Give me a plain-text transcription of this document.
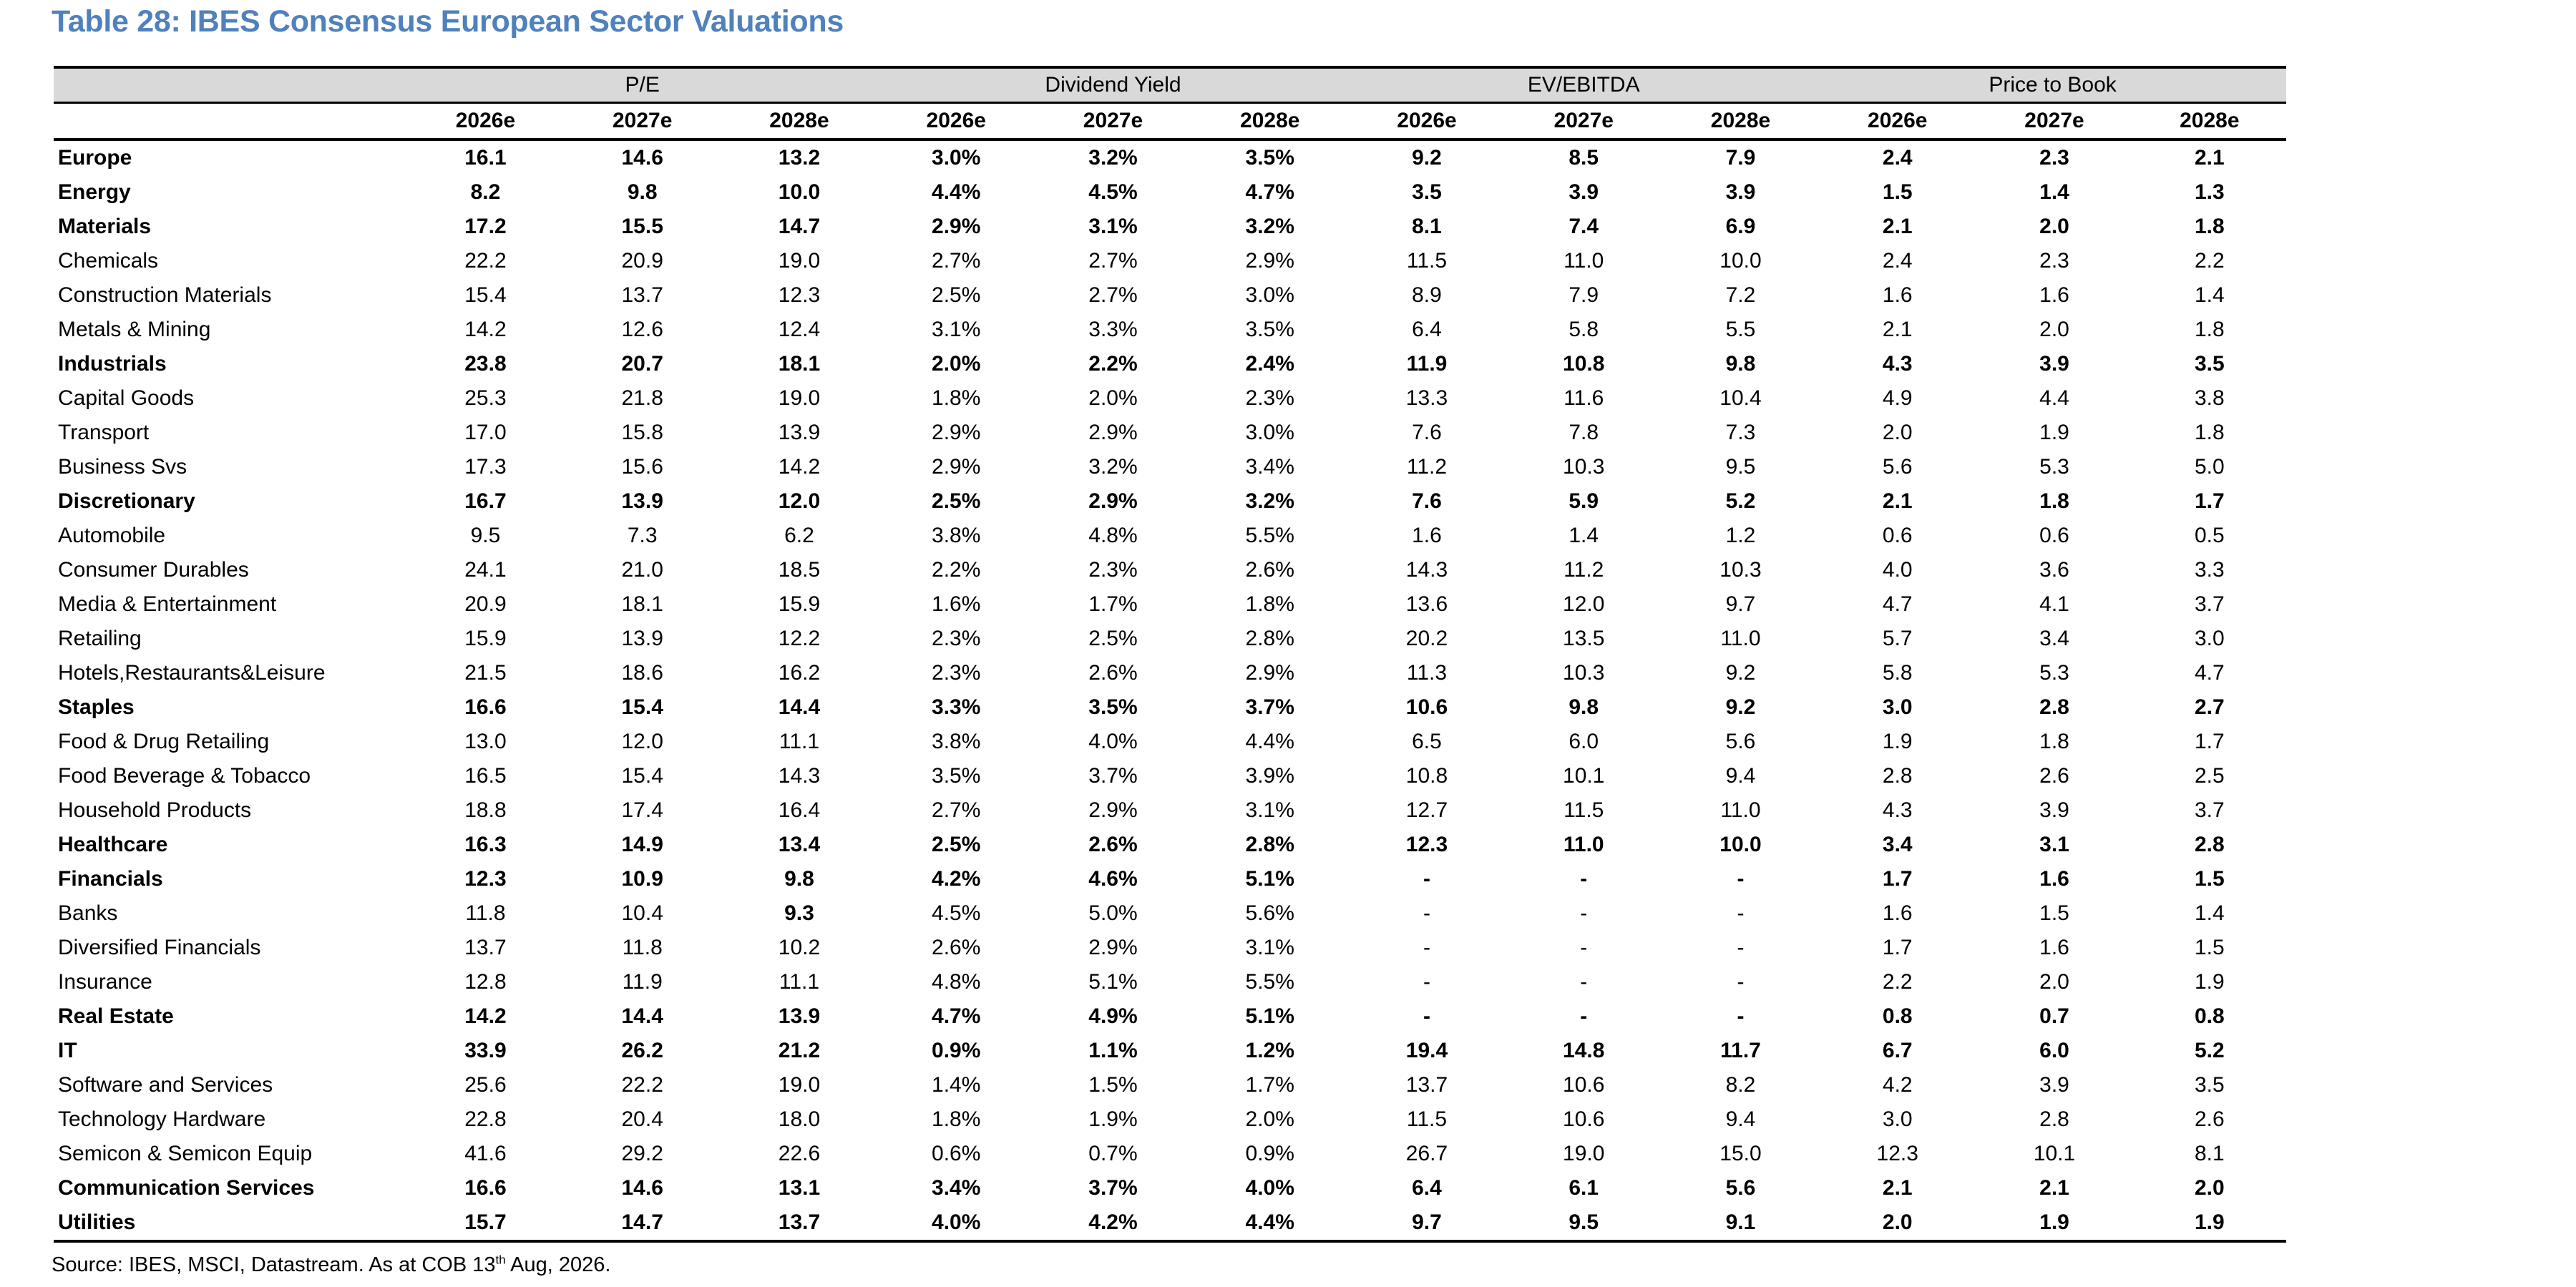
Table 28: IBES Consensus European Sector Valuations
	P/E			Dividend Yield			EV/EBITDA			Price to Book		
	2026e	2027e	2028e	2026e	2027e	2028e	2026e	2027e	2028e	2026e	2027e	2028e
Europe	16.1	14.6	13.2	3.0%	3.2%	3.5%	9.2	8.5	7.9	2.4	2.3	2.1
Energy	8.2	9.8	10.0	4.4%	4.5%	4.7%	3.5	3.9	3.9	1.5	1.4	1.3
Materials	17.2	15.5	14.7	2.9%	3.1%	3.2%	8.1	7.4	6.9	2.1	2.0	1.8
Chemicals	22.2	20.9	19.0	2.7%	2.7%	2.9%	11.5	11.0	10.0	2.4	2.3	2.2
Construction Materials	15.4	13.7	12.3	2.5%	2.7%	3.0%	8.9	7.9	7.2	1.6	1.6	1.4
Metals & Mining	14.2	12.6	12.4	3.1%	3.3%	3.5%	6.4	5.8	5.5	2.1	2.0	1.8
Industrials	23.8	20.7	18.1	2.0%	2.2%	2.4%	11.9	10.8	9.8	4.3	3.9	3.5
Capital Goods	25.3	21.8	19.0	1.8%	2.0%	2.3%	13.3	11.6	10.4	4.9	4.4	3.8
Transport	17.0	15.8	13.9	2.9%	2.9%	3.0%	7.6	7.8	7.3	2.0	1.9	1.8
Business Svs	17.3	15.6	14.2	2.9%	3.2%	3.4%	11.2	10.3	9.5	5.6	5.3	5.0
Discretionary	16.7	13.9	12.0	2.5%	2.9%	3.2%	7.6	5.9	5.2	2.1	1.8	1.7
Automobile	9.5	7.3	6.2	3.8%	4.8%	5.5%	1.6	1.4	1.2	0.6	0.6	0.5
Consumer Durables	24.1	21.0	18.5	2.2%	2.3%	2.6%	14.3	11.2	10.3	4.0	3.6	3.3
Media & Entertainment	20.9	18.1	15.9	1.6%	1.7%	1.8%	13.6	12.0	9.7	4.7	4.1	3.7
Retailing	15.9	13.9	12.2	2.3%	2.5%	2.8%	20.2	13.5	11.0	5.7	3.4	3.0
Hotels,Restaurants&Leisure	21.5	18.6	16.2	2.3%	2.6%	2.9%	11.3	10.3	9.2	5.8	5.3	4.7
Staples	16.6	15.4	14.4	3.3%	3.5%	3.7%	10.6	9.8	9.2	3.0	2.8	2.7
Food & Drug Retailing	13.0	12.0	11.1	3.8%	4.0%	4.4%	6.5	6.0	5.6	1.9	1.8	1.7
Food Beverage & Tobacco	16.5	15.4	14.3	3.5%	3.7%	3.9%	10.8	10.1	9.4	2.8	2.6	2.5
Household Products	18.8	17.4	16.4	2.7%	2.9%	3.1%	12.7	11.5	11.0	4.3	3.9	3.7
Healthcare	16.3	14.9	13.4	2.5%	2.6%	2.8%	12.3	11.0	10.0	3.4	3.1	2.8
Financials	12.3	10.9	9.8	4.2%	4.6%	5.1%	-	-	-	1.7	1.6	1.5
Banks	11.8	10.4	9.3	4.5%	5.0%	5.6%	-	-	-	1.6	1.5	1.4
Diversified Financials	13.7	11.8	10.2	2.6%	2.9%	3.1%	-	-	-	1.7	1.6	1.5
Insurance	12.8	11.9	11.1	4.8%	5.1%	5.5%	-	-	-	2.2	2.0	1.9
Real Estate	14.2	14.4	13.9	4.7%	4.9%	5.1%	-	-	-	0.8	0.7	0.8
IT	33.9	26.2	21.2	0.9%	1.1%	1.2%	19.4	14.8	11.7	6.7	6.0	5.2
Software and Services	25.6	22.2	19.0	1.4%	1.5%	1.7%	13.7	10.6	8.2	4.2	3.9	3.5
Technology Hardware	22.8	20.4	18.0	1.8%	1.9%	2.0%	11.5	10.6	9.4	3.0	2.8	2.6
Semicon & Semicon Equip	41.6	29.2	22.6	0.6%	0.7%	0.9%	26.7	19.0	15.0	12.3	10.1	8.1
Communication Services	16.6	14.6	13.1	3.4%	3.7%	4.0%	6.4	6.1	5.6	2.1	2.1	2.0
Utilities	15.7	14.7	13.7	4.0%	4.2%	4.4%	9.7	9.5	9.1	2.0	1.9	1.9
Source: IBES, MSCI, Datastream. As at COB 13th Aug, 2026.
